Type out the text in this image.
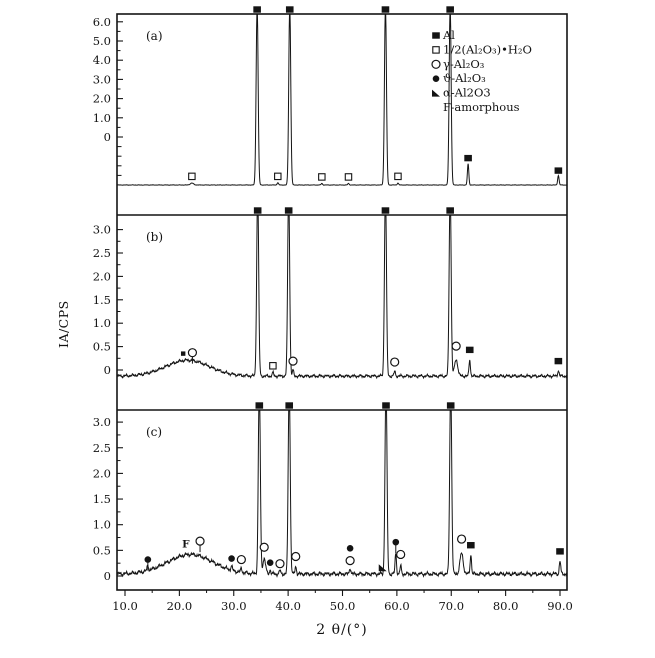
6.0
5.0
4.0
3.0
2.0
1.0
0
(a)
3.0
2.5
2.0
1.5
1.0
0.5
0
(b)
3.0
2.5
2.0
1.5
1.0
0.5
0
(c)
10.0	20.0	30.0	40.0	50.0	60.0	70.0	80.0	90.0
F
Al
1/2(Al₂O₃)•H₂O
γ-Al₂O₃
ϑ-Al₂O₃
α-Al2O3
F-amorphous
2 θ/(°)
IA/CPS
